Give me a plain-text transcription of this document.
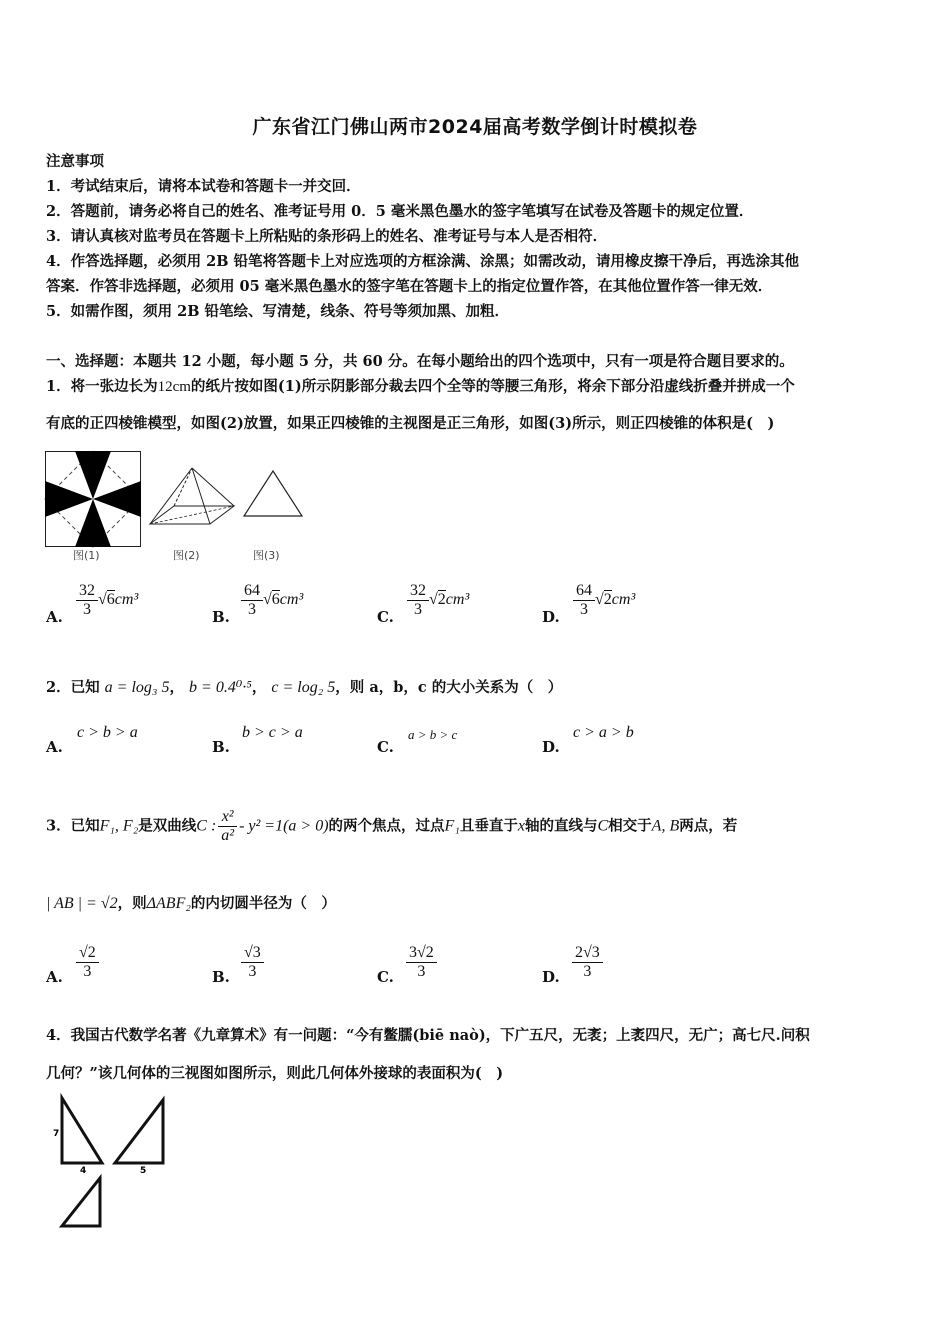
广东省江门佛山两市2024届高考数学倒计时模拟卷
注意事项
1．考试结束后，请将本试卷和答题卡一并交回．
2．答题前，请务必将自己的姓名、准考证号用 0．5 毫米黑色墨水的签字笔填写在试卷及答题卡的规定位置．
3．请认真核对监考员在答题卡上所粘贴的条形码上的姓名、准考证号与本人是否相符．
4．作答选择题，必须用 2B 铅笔将答题卡上对应选项的方框涂满、涂黑；如需改动，请用橡皮擦干净后，再选涂其他
答案．作答非选择题，必须用 05 毫米黑色墨水的签字笔在答题卡上的指定位置作答，在其他位置作答一律无效．
5．如需作图，须用 2B 铅笔绘、写清楚，线条、符号等须加黑、加粗．
一、选择题：本题共 12 小题，每小题 5 分，共 60 分。在每小题给出的四个选项中，只有一项是符合题目要求的。
1．将一张边长为12cm的纸片按如图(1)所示阴影部分裁去四个全等的等腰三角形，将余下部分沿虚线折叠并拼成一个
有底的正四棱锥模型，如图(2)放置，如果正四棱锥的主视图是正三角形，如图(3)所示，则正四棱锥的体积是(　)
图(1)	图(2)	图(3)
A. $\frac{32}{3} √6cm^3$
B. $\frac{64}{3} √6cm^3$
C. $\frac{32}{3} √2cm^3$
D. $\frac{64}{3} √2cm^3$
2．已知 a = log₃ 5， b = 0.4⁰·⁵， c = log₂ 5，则 a，b，c 的大小关系为（　）
A.
c > b > a
B.
b > c > a
C.
a > b > c
D.
c > a > b
3．已知F₁, F₂是双曲线C : $\frac{\text{x²}}{\text{a²}} - y^2 =1(a > 0)$的两个焦点，过点F₁且垂直于x轴的直线与C相交于A, B两点，若
| AB | = √2，则ΔABF₂的内切圆半径为（　）
A. $\frac{√2}{3}$	B. $\frac{√3}{3}$	C. $\frac{3√2}{3}$	D. $\frac{2√3}{3}$
4．我国古代数学名著《九章算术》有一问题：“今有鳖臑(biē naò)，下广五尺，无袤；上袤四尺，无广；高七尺.问积
几何？”该几何体的三视图如图所示，则此几何体外接球的表面积为(　)
7
4	5
